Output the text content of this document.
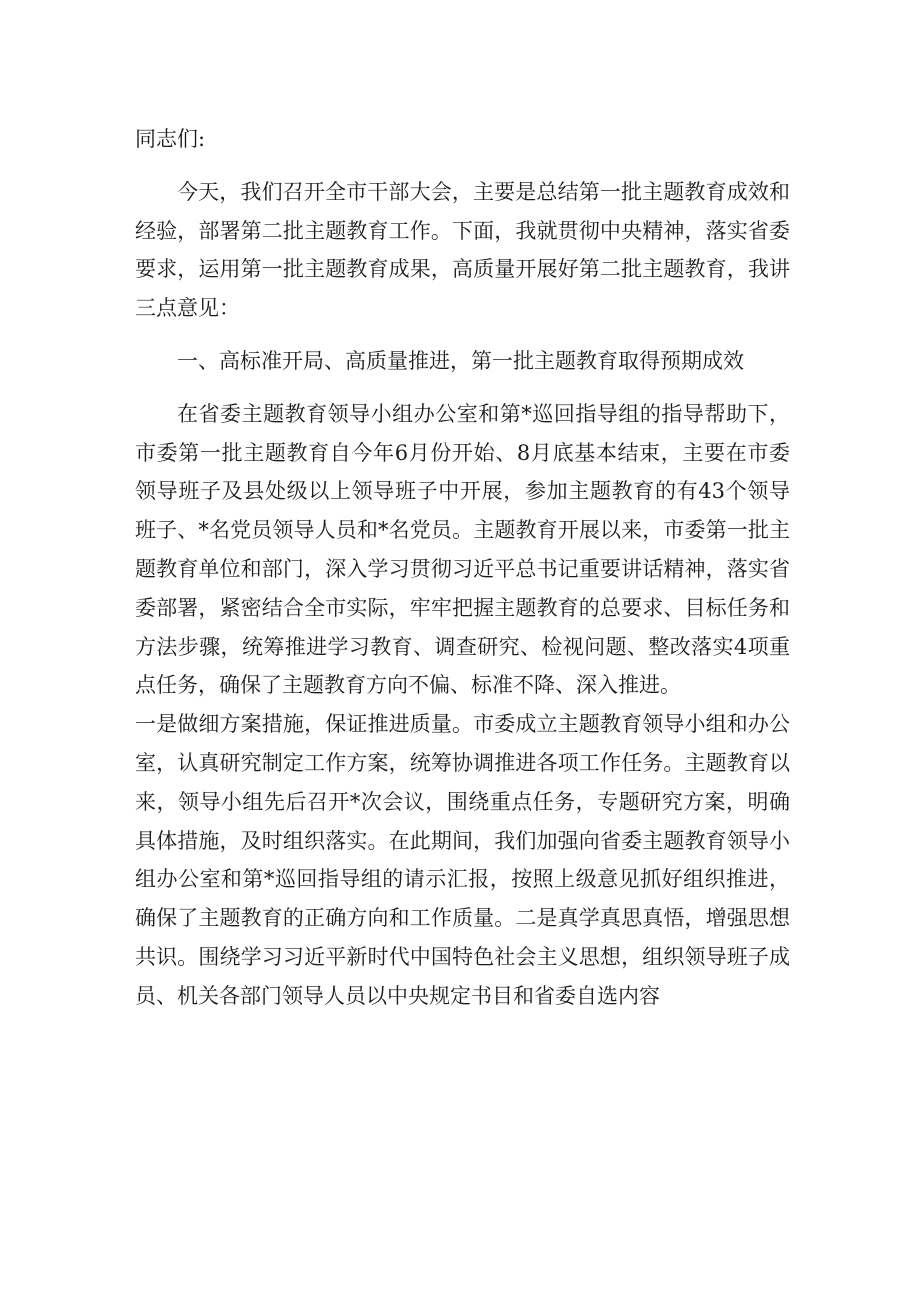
同志们:

今天，我们召开全市干部大会，主要是总结第一批主题教育成效和经验，部署第二批主题教育工作。下面，我就贯彻中央精神，落实省委要求，运用第一批主题教育成果，高质量开展好第二批主题教育，我讲三点意见：

一、高标准开局、高质量推进，第一批主题教育取得预期成效

在省委主题教育领导小组办公室和第*巡回指导组的指导帮助下，市委第一批主题教育自今年6月份开始、8月底基本结束，主要在市委领导班子及县处级以上领导班子中开展，参加主题教育的有43个领导班子、*名党员领导人员和*名党员。主题教育开展以来，市委第一批主题教育单位和部门，深入学习贯彻习近平总书记重要讲话精神，落实省委部署，紧密结合全市实际，牢牢把握主题教育的总要求、目标任务和方法步骤，统筹推进学习教育、调查研究、检视问题、整改落实4项重点任务，确保了主题教育方向不偏、标准不降、深入推进。

一是做细方案措施，保证推进质量。市委成立主题教育领导小组和办公室，认真研究制定工作方案，统筹协调推进各项工作任务。主题教育以来，领导小组先后召开*次会议，围绕重点任务，专题研究方案，明确具体措施，及时组织落实。在此期间，我们加强向省委主题教育领导小组办公室和第*巡回指导组的请示汇报，按照上级意见抓好组织推进，确保了主题教育的正确方向和工作质量。二是真学真思真悟，增强思想共识。围绕学习习近平新时代中国特色社会主义思想，组织领导班子成员、机关各部门领导人员以中央规定书目和省委自选内容
